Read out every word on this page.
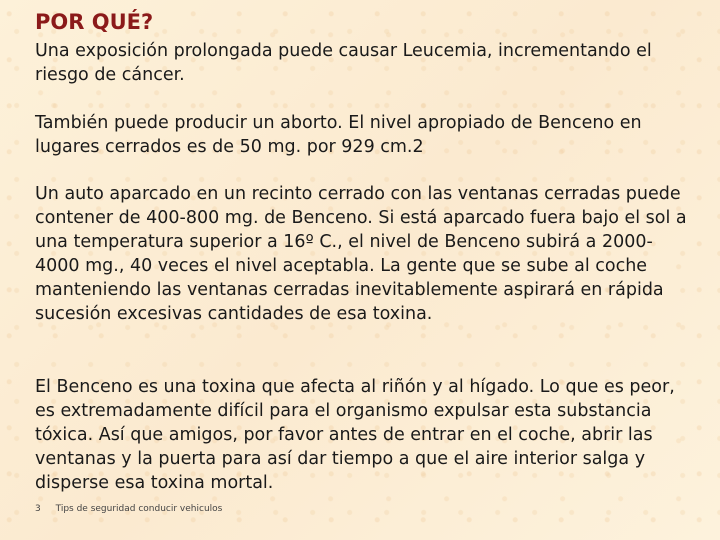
POR QUÉ?

Una exposición prolongada puede causar Leucemia, incrementando el riesgo de cáncer.

También puede producir un aborto. El nivel apropiado de Benceno en lugares cerrados es de 50 mg. por 929 cm.2

Un auto aparcado en un recinto cerrado con las ventanas cerradas puede contener de 400-800 mg. de Benceno. Si está aparcado fuera bajo el sol a una temperatura superior a 16º C., el nivel de Benceno subirá a 2000-4000 mg., 40 veces el nivel aceptabla. La gente que se sube al coche manteniendo las ventanas cerradas inevitablemente aspirará en rápida sucesión excesivas cantidades de esa toxina.

El Benceno es una toxina que afecta al riñón y al hígado. Lo que es peor, es extremadamente difícil para el organismo expulsar esta substancia tóxica. Así que amigos, por favor antes de entrar en el coche, abrir las ventanas y la puerta para así dar tiempo a que el aire interior salga y disperse esa toxina mortal.

3 Tips de seguridad conducir vehiculos
